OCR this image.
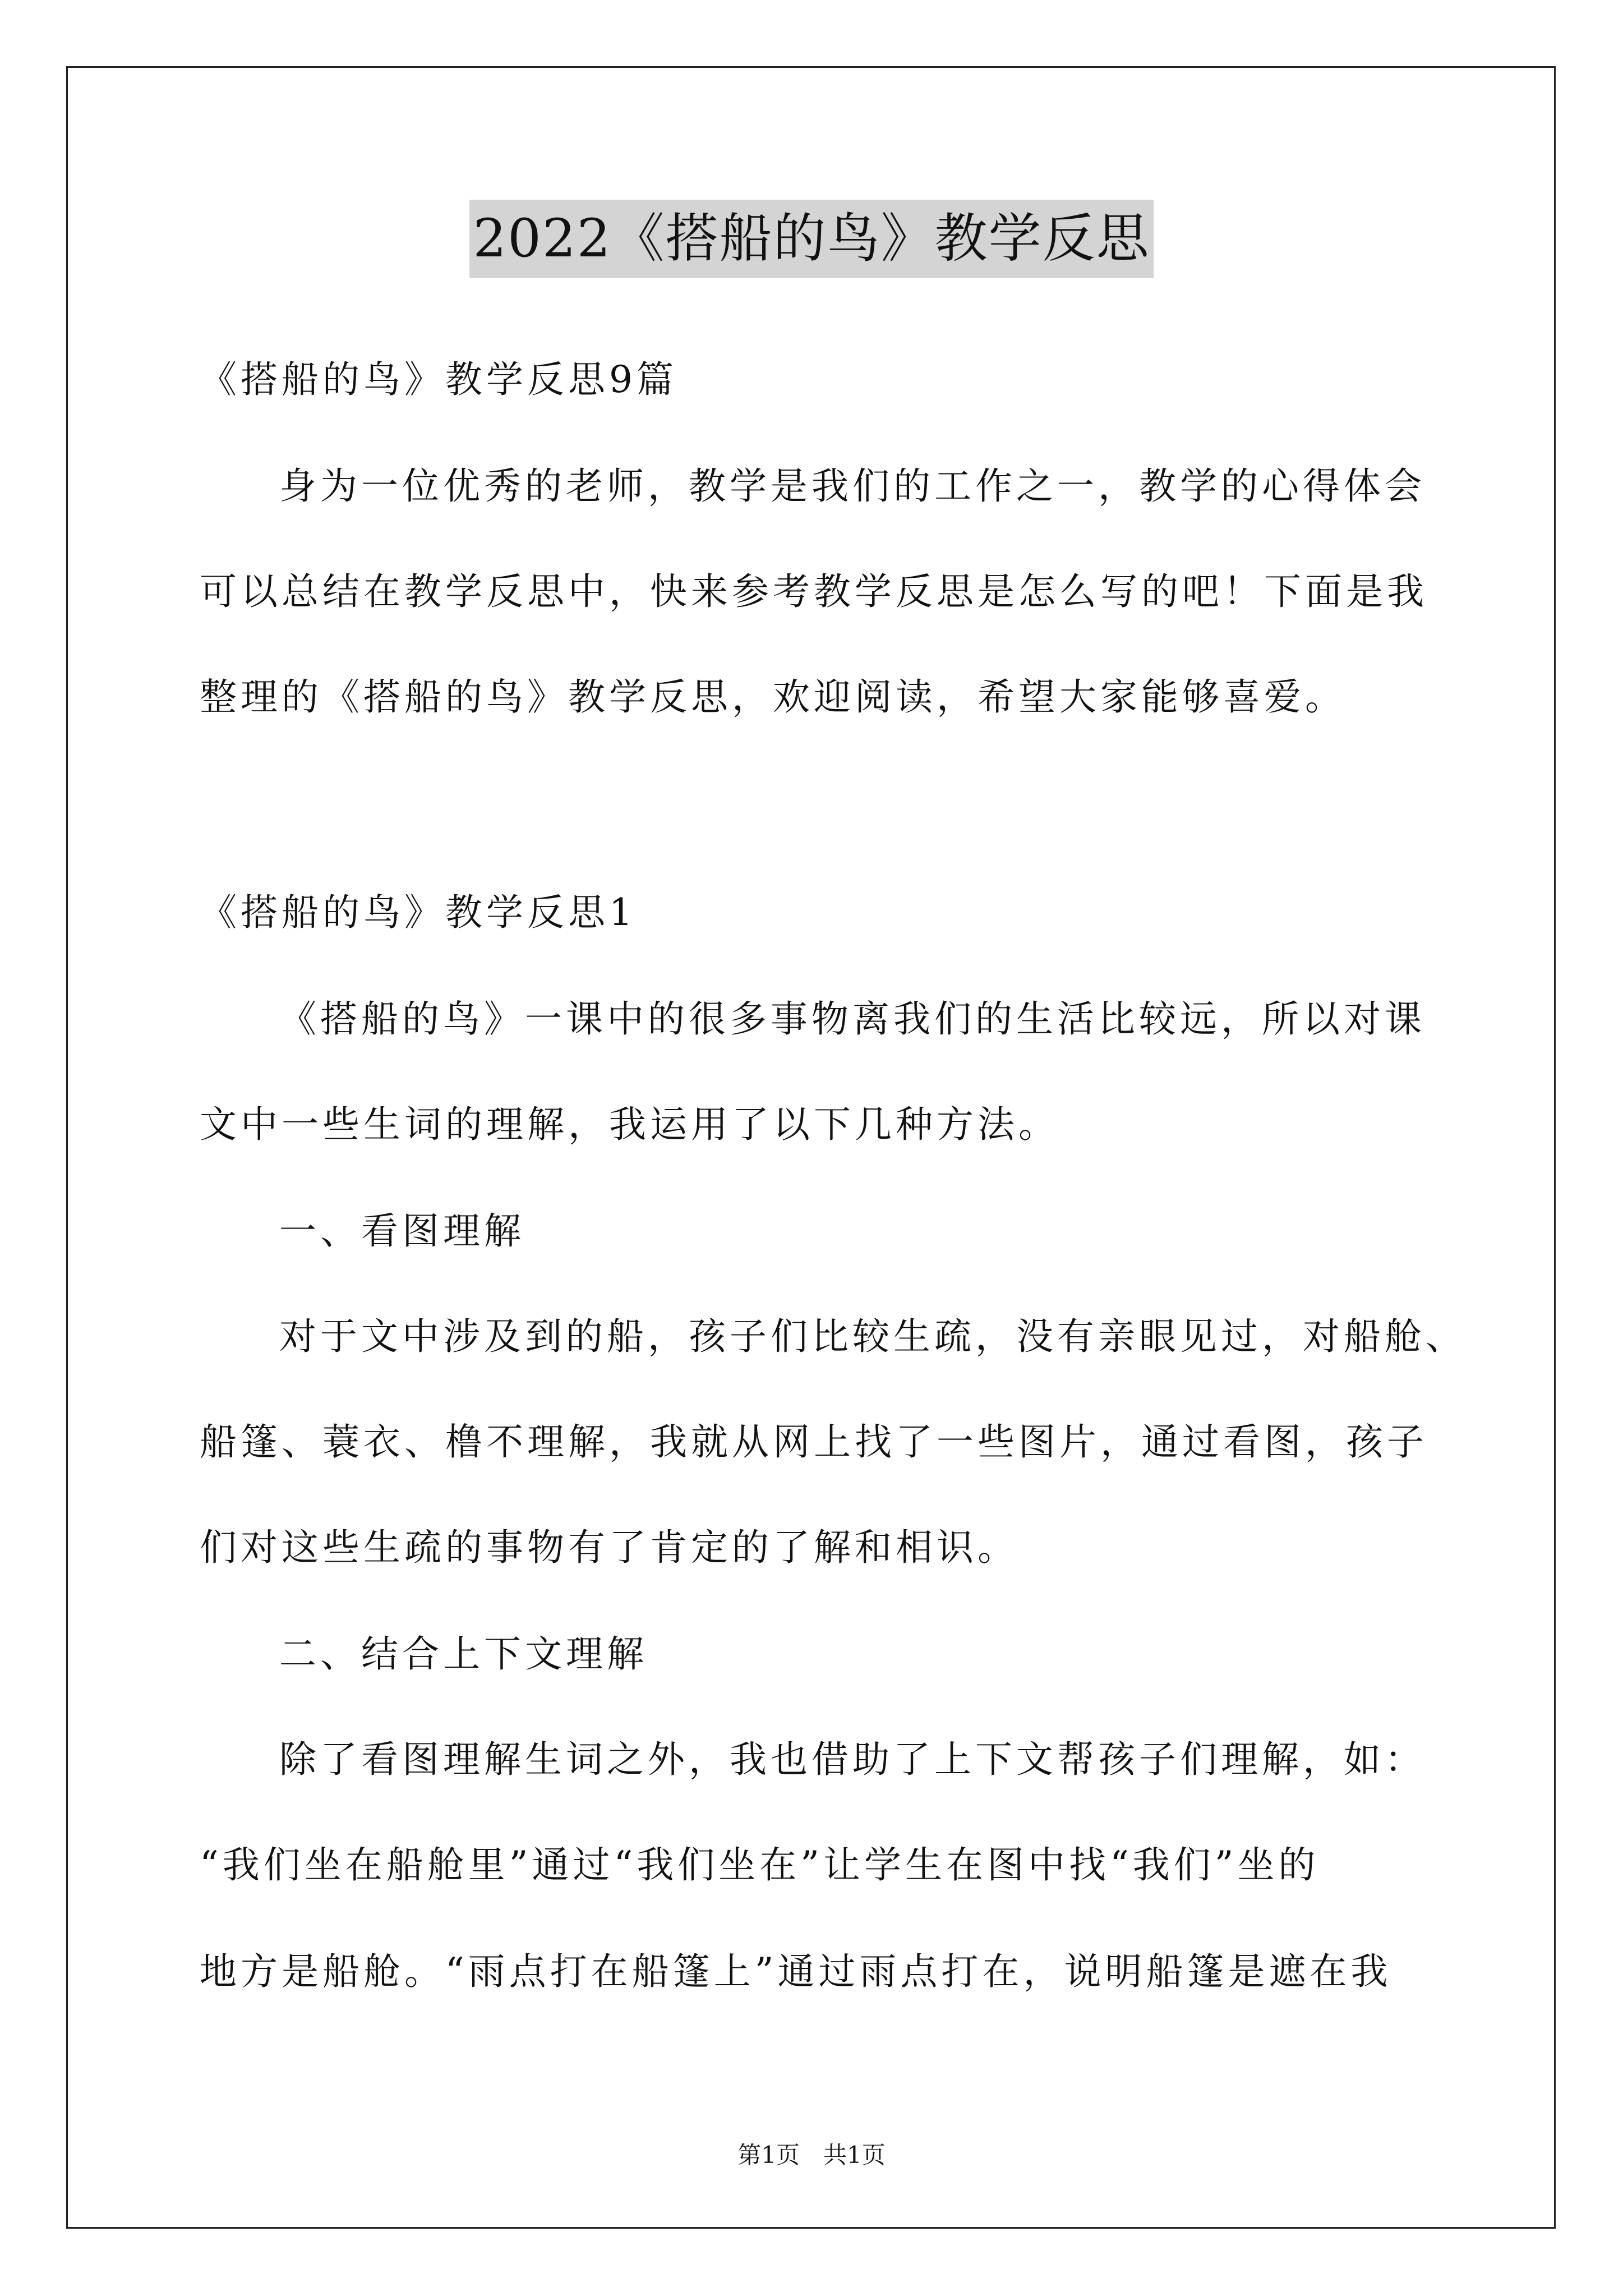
2022《搭船的鸟》教学反思
《搭船的鸟》教学反思9篇
身为一位优秀的老师，教学是我们的工作之一，教学的心得体会
可以总结在教学反思中，快来参考教学反思是怎么写的吧！下面是我
整理的《搭船的鸟》教学反思，欢迎阅读，希望大家能够喜爱。
《搭船的鸟》教学反思1
《搭船的鸟》一课中的很多事物离我们的生活比较远，所以对课
文中一些生词的理解，我运用了以下几种方法。
一、看图理解
对于文中涉及到的船，孩子们比较生疏，没有亲眼见过，对船舱、
船篷、蓑衣、橹不理解，我就从网上找了一些图片，通过看图，孩子
们对这些生疏的事物有了肯定的了解和相识。
二、结合上下文理解
除了看图理解生词之外，我也借助了上下文帮孩子们理解，如：
“我们坐在船舱里”通过“我们坐在”让学生在图中找“我们”坐的
地方是船舱。“雨点打在船篷上”通过雨点打在，说明船篷是遮在我
第1页　共1页
